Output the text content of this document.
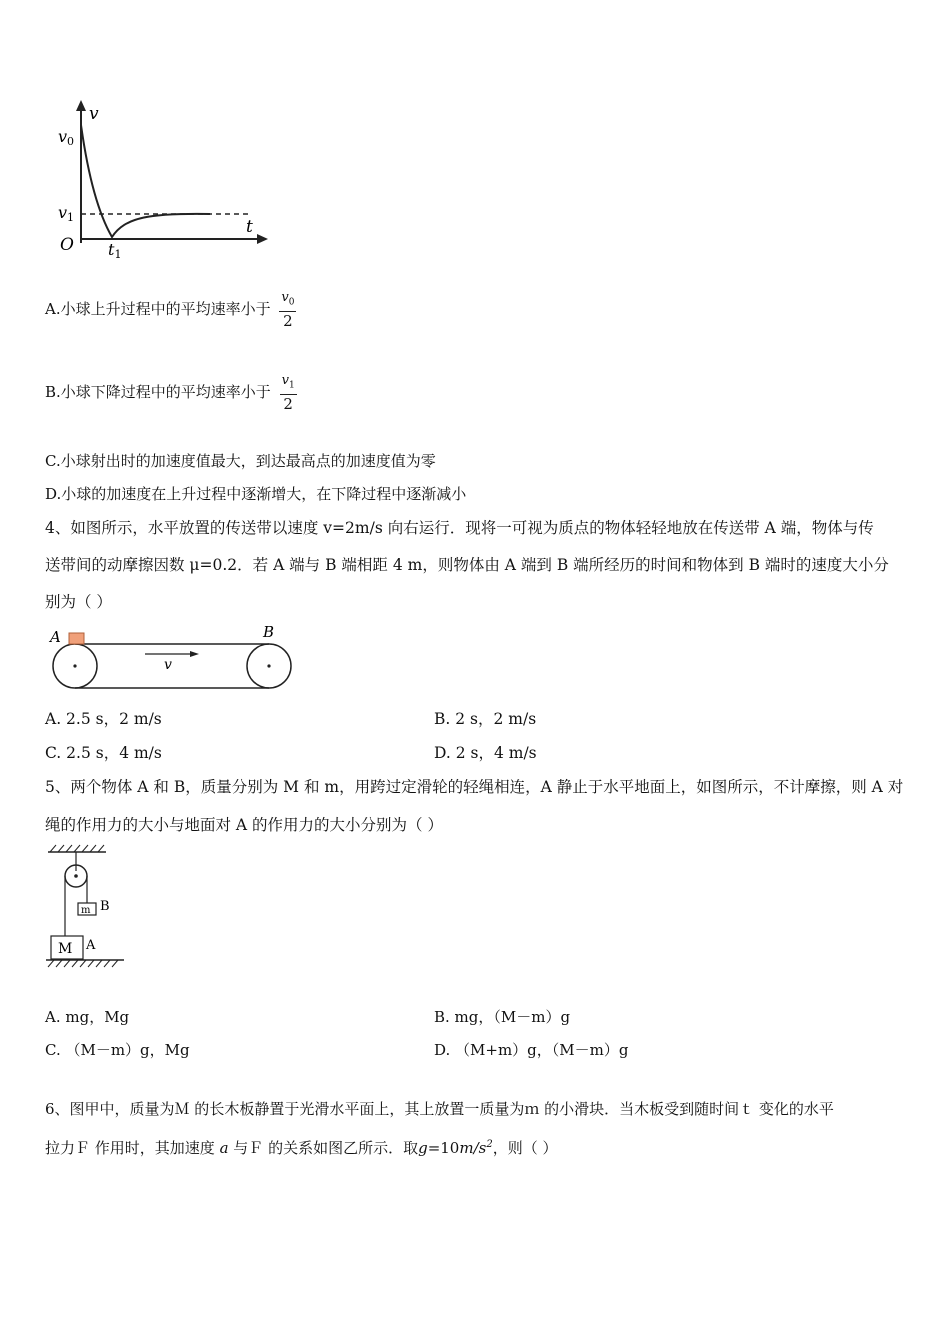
v
v0
v1
O
t
t1
A.小球上升过程中的平均速率小于 $\frac{v_0}{2}$
B.小球下降过程中的平均速率小于 $\frac{v_1}{2}$
C.小球射出时的加速度值最大，到达最高点的加速度值为零
D.小球的加速度在上升过程中逐渐增大，在下降过程中逐渐减小
4、如图所示，水平放置的传送带以速度 v=2m/s 向右运行．现将一可视为质点的物体轻轻地放在传送带 A 端，物体与传
送带间的动摩擦因数 μ=0.2．若 A 端与 B 端相距 4 m，则物体由 A 端到 B 端所经历的时间和物体到 B 端时的速度大小分
别为（ ）
A	B
v
A. 2.5 s，2 m/s	B. 2 s，2 m/s
C. 2.5 s，4 m/s	D. 2 s，4 m/s
5、两个物体 A 和 B，质量分别为 M 和 m，用跨过定滑轮的轻绳相连，A 静止于水平地面上，如图所示，不计摩擦，则 A 对
绳的作用力的大小与地面对 A 的作用力的大小分别为（ ）
m B
M A
A. mg，Mg	B. mg，（M－m）g
C. （M－m）g，Mg	D. （M+m）g，（M－m）g
6、图甲中，质量为Ｍ 的长木板静置于光滑水平面上，其上放置一质量为ｍ 的小滑块．当木板受到随时间ｔ 变化的水平
拉力Ｆ 作用时，其加速度 a 与Ｆ 的关系如图乙所示．取$g=10m/s^2$，则（ ）
